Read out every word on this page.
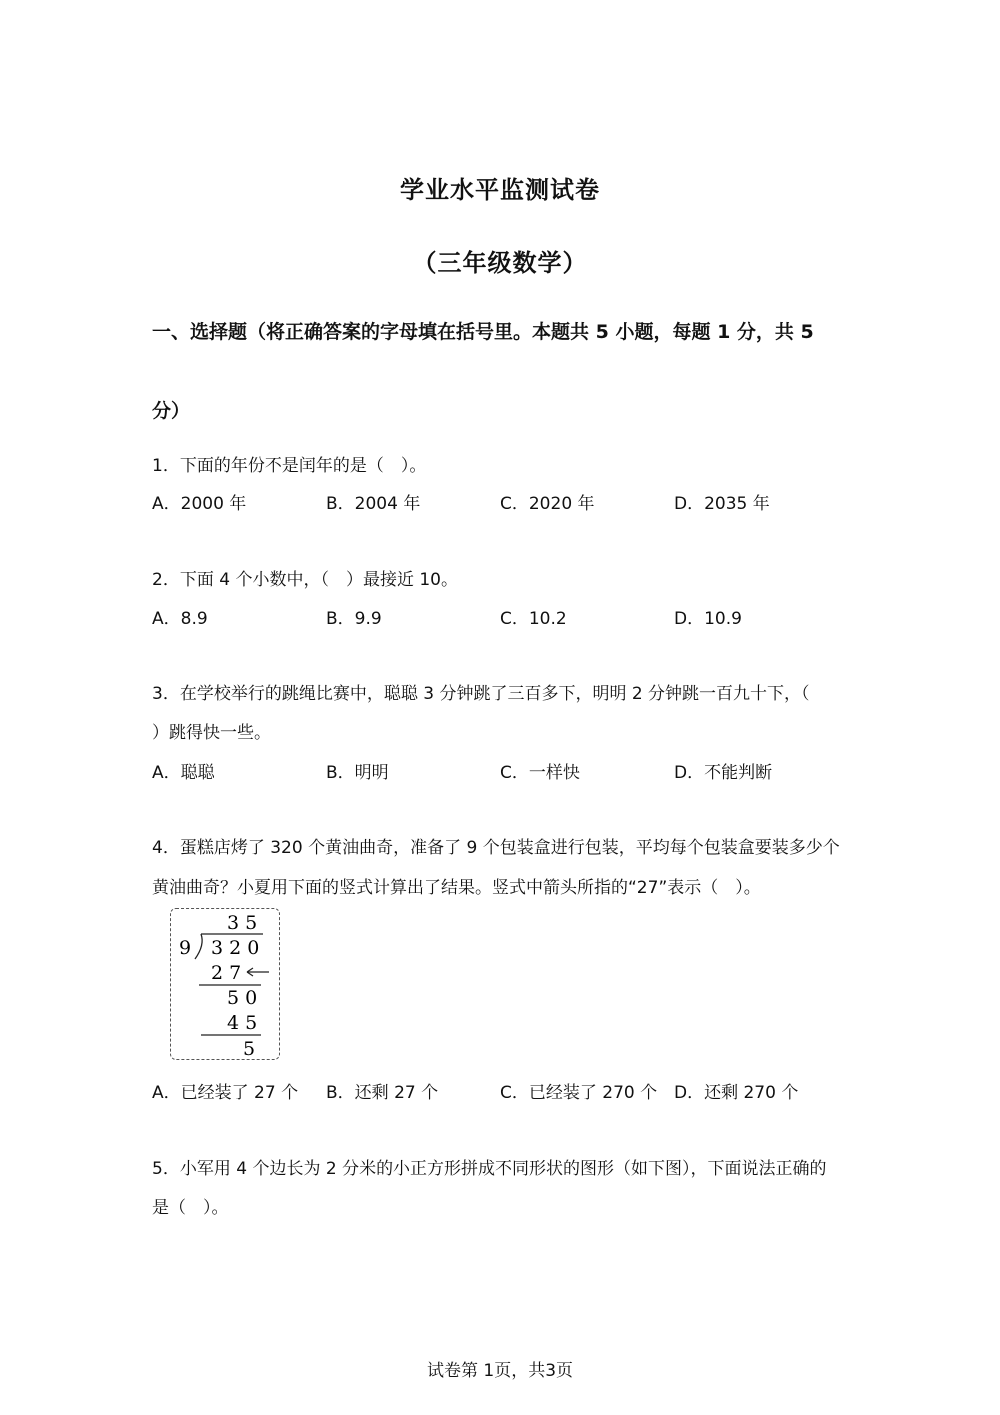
学业水平监测试卷
（三年级数学）
一、选择题（将正确答案的字母填在括号里。本题共 5 小题，每题 1 分，共 5
分）
1．下面的年份不是闰年的是（　）。
A．2000 年	B．2004 年	C．2020 年	D．2035 年
2．下面 4 个小数中，（　）最接近 10。
A．8.9	B．9.9	C．10.2	D．10.9
3．在学校举行的跳绳比赛中，聪聪 3 分钟跳了三百多下，明明 2 分钟跳一百九十下，（
）跳得快一些。
A．聪聪	B．明明	C．一样快	D．不能判断
4．蛋糕店烤了 320 个黄油曲奇，准备了 9 个包装盒进行包装，平均每个包装盒要装多少个
黄油曲奇？小夏用下面的竖式计算出了结果。竖式中箭头所指的“27”表示（　）。
3 5
9 3 2 0
2 7
5 0
4 5
5
A．已经装了 27 个 B．还剩 27 个	C．已经装了 270 个 D．还剩 270 个
5．小军用 4 个边长为 2 分米的小正方形拼成不同形状的图形（如下图），下面说法正确的
是（　）。
试卷第 1页，共3页
